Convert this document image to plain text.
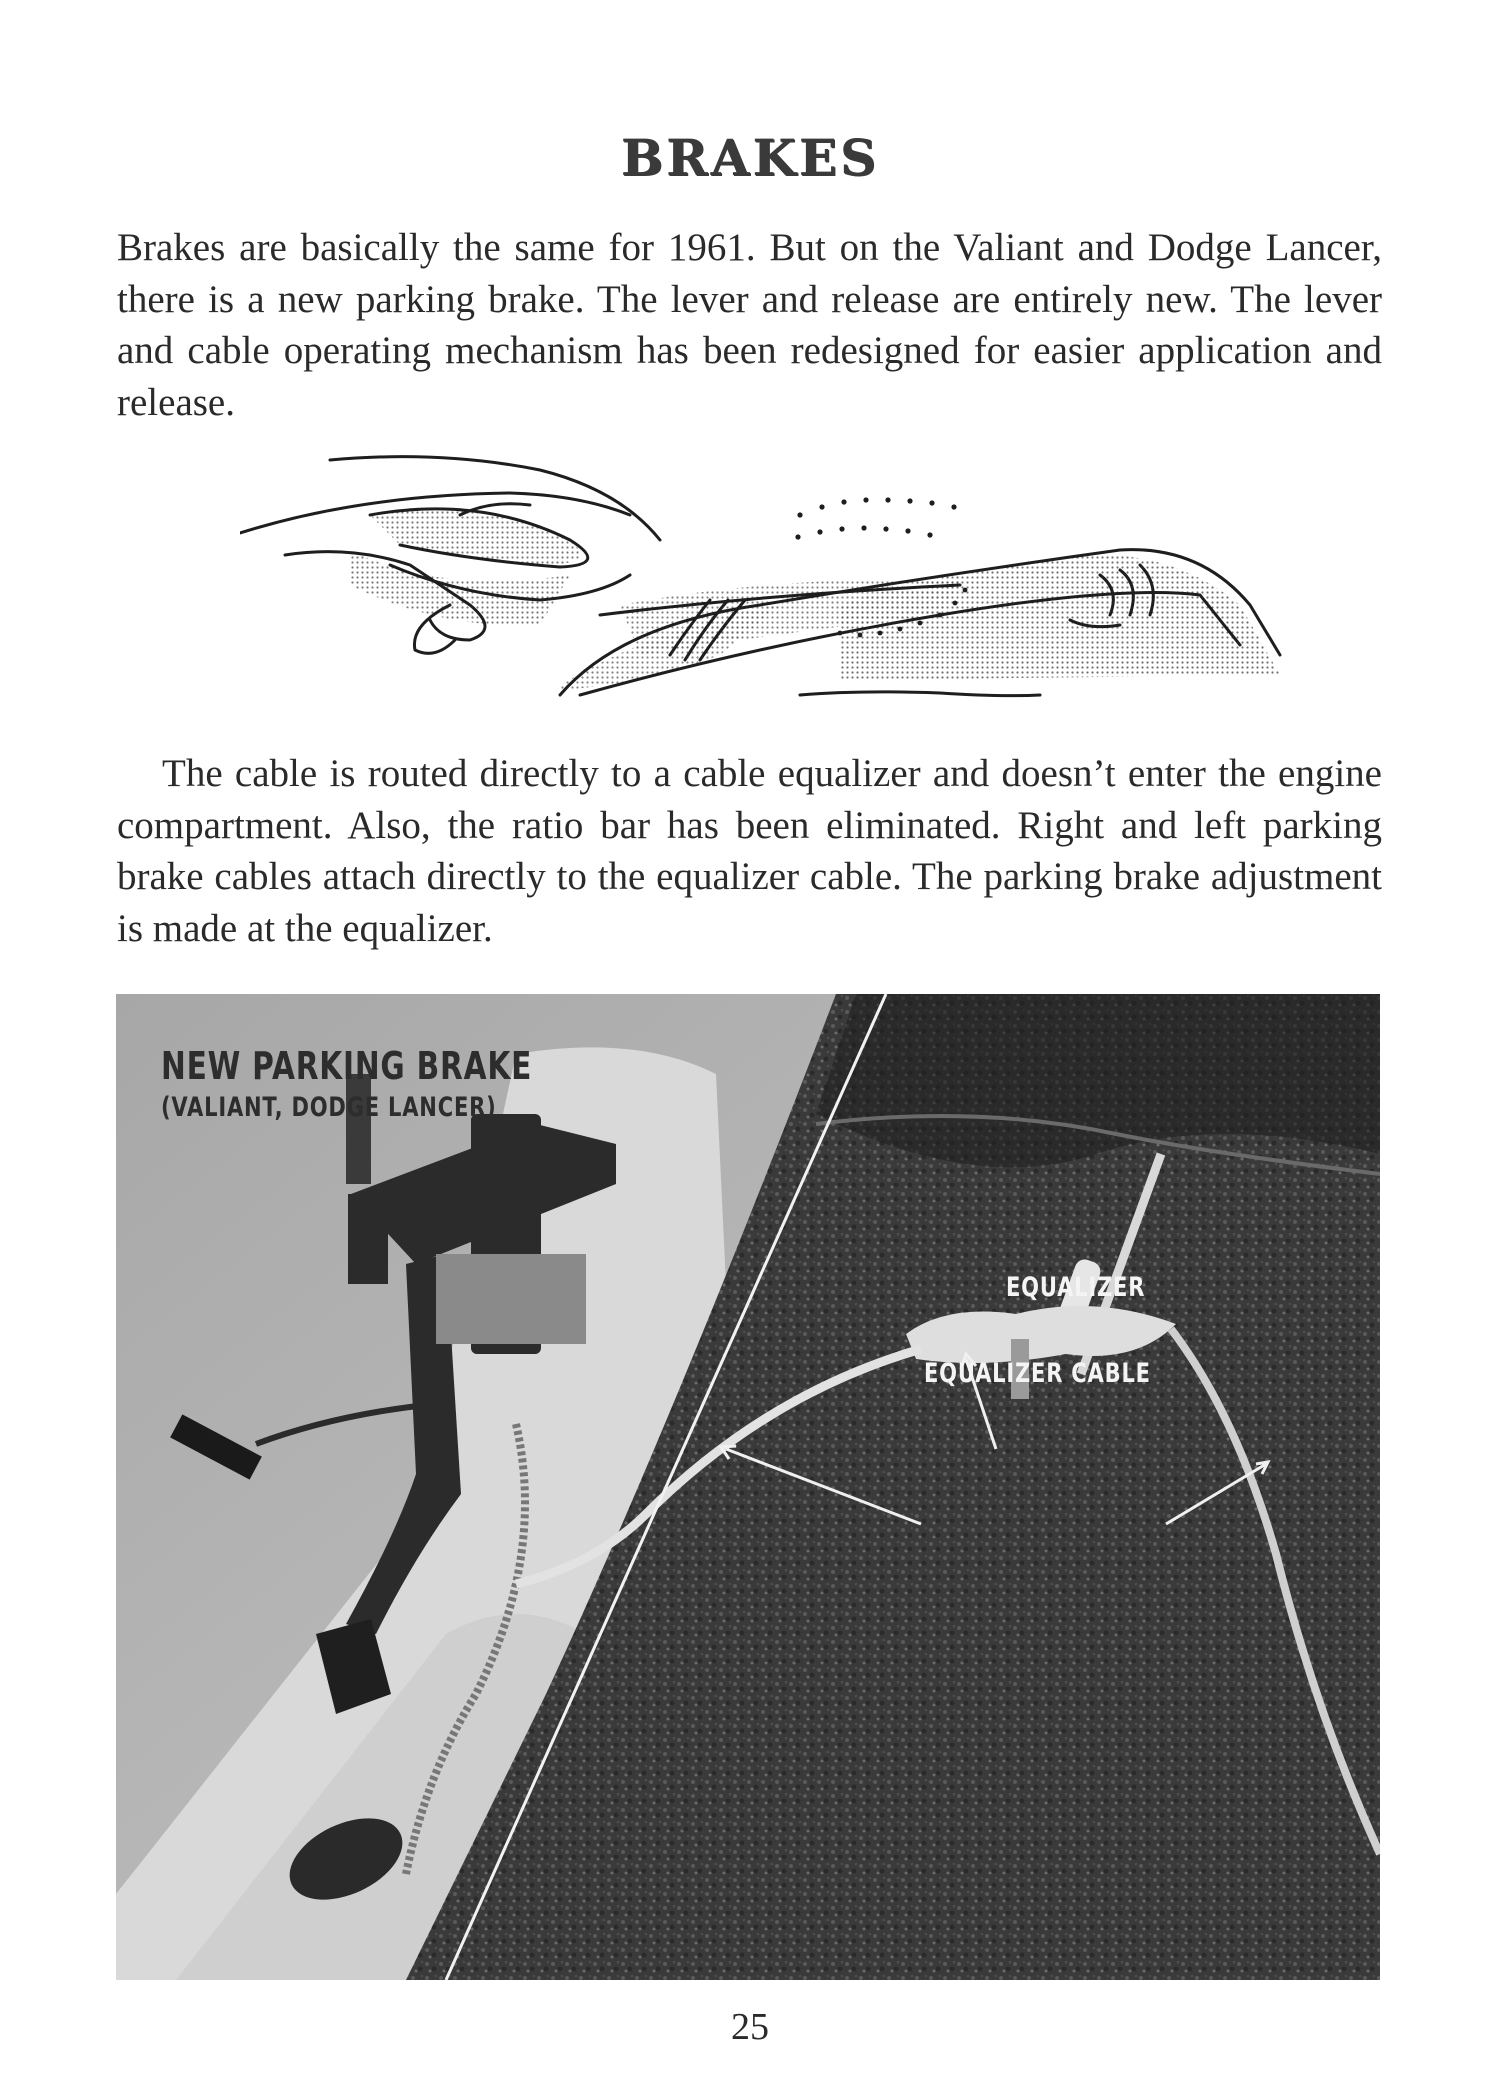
BRAKES

Brakes are basically the same for 1961. But on the Valiant and Dodge Lancer, there is a new parking brake. The lever and release are entirely new. The lever and cable operating mechanism has been redesigned for easier application and release.

The cable is routed directly to a cable equalizer and doesn’t enter the engine compartment. Also, the ratio bar has been eliminated. Right and left parking brake cables attach directly to the equalizer cable. The parking brake adjustment is made at the equalizer.

NEW PARKING BRAKE

(VALIANT, DODGE LANCER)

EQUALIZER

EQUALIZER CABLE

25
